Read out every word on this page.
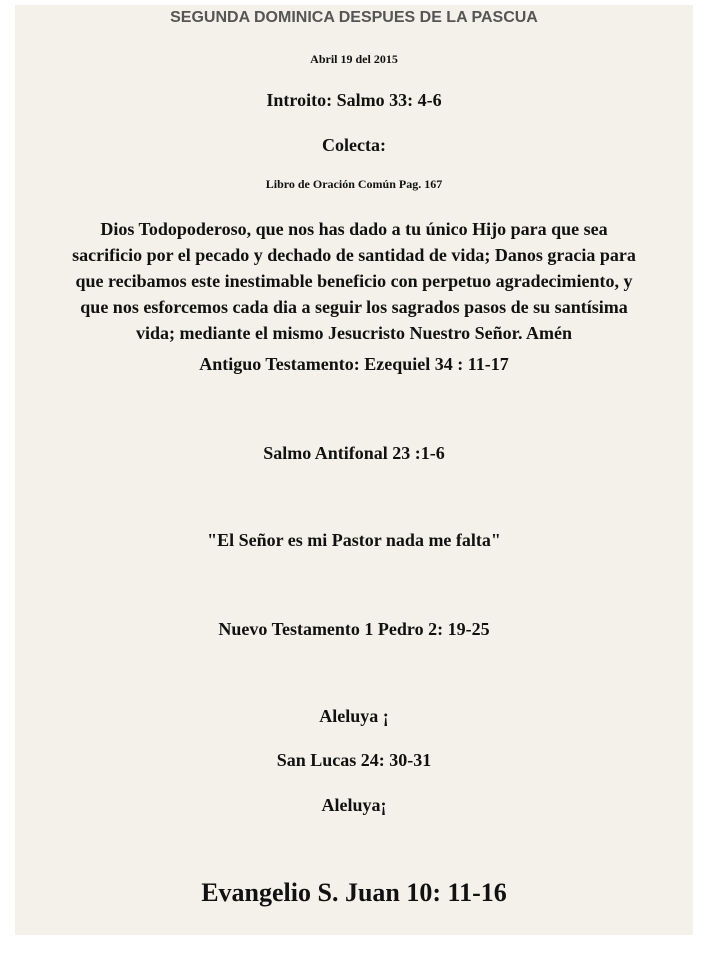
SEGUNDA DOMINICA DESPUES DE LA PASCUA
Abril 19 del 2015
Introito: Salmo 33: 4-6
Colecta:
Libro de Oración Común Pag. 167
Dios Todopoderoso, que nos has dado a tu único Hijo para que sea
sacrificio por el pecado y dechado de santidad de vida; Danos gracia para
que recibamos este inestimable beneficio con perpetuo agradecimiento, y
que nos esforcemos cada dia a seguir los sagrados pasos de su santísima
vida; mediante el mismo Jesucristo Nuestro Señor. Amén
Antiguo Testamento: Ezequiel 34 : 11-17
Salmo Antifonal 23 :1-6
"El Señor es mi Pastor nada me falta"
Nuevo Testamento 1 Pedro 2: 19-25
Aleluya ¡
San Lucas 24: 30-31
Aleluya¡
Evangelio S. Juan 10: 11-16
